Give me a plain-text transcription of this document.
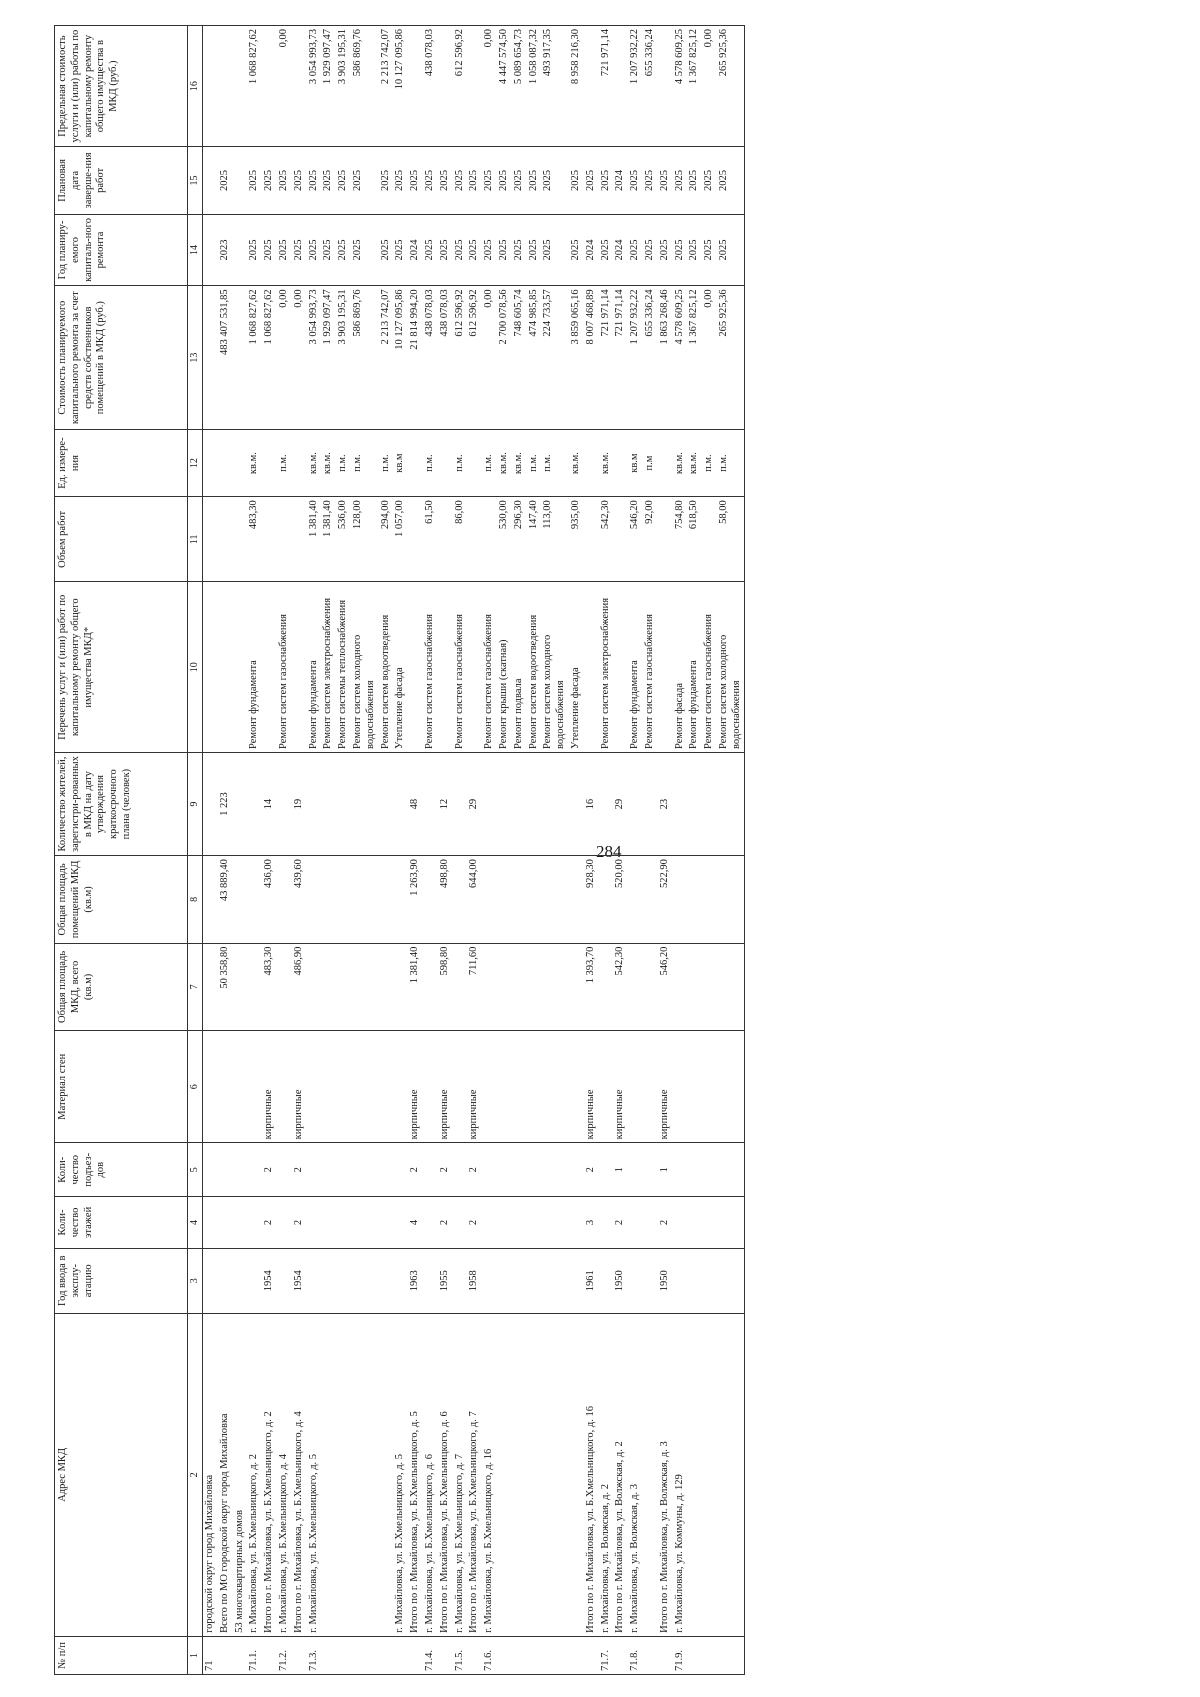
284
№ п/п	Адрес МКД	Год ввода в эксплу-атацию	Коли-чество этажей	Коли-чество подъез-дов	Материал стен	Общая площадь МКД, всего (кв.м)	Общая площадь помещений МКД (кв.м)	Количество жителей, зарегистри-рованных в МКД на дату утверждения краткосрочного плана (человек)	Перечень услуг и (или) работ по капитальному ремонту общего имущества МКД*	Объем работ	Ед. измере-ния	Стоимость планируемого капитального ремонта за счет средств собственников помещений в МКД (руб.)	Год планиру-емого капиталь-ного ремонта	Плановая дата заверше-ния работ	Предельная стоимость услуги и (или) работы по капитальному ремонту общего имущества в МКД (руб.)
1	2	3	4	5	6	7	8	9	10	11	12	13	14	15	16
71	городской округ город Михайловка														
	Всего по МО городской округ город Михайловка					50 358,80	43 889,40	1 223				483 407 531,85	2023	2025	
	53 многоквартирных домов														
71.1.	г. Михайловка, ул. Б.Хмельницкого, д. 2								Ремонт фундамента	483,30	кв.м.	1 068 827,62	2025	2025	1 068 827,62
	Итого по г. Михайловка, ул. Б.Хмельницкого, д. 2	1954	2	2	кирпичные	483,30	436,00	14				1 068 827,62	2025	2025	
71.2.	г. Михайловка, ул. Б.Хмельницкого, д. 4								Ремонт систем газоснабжения		п.м.	0,00	2025	2025	0,00
	Итого по г. Михайловка, ул. Б.Хмельницкого, д. 4	1954	2	2	кирпичные	486,90	439,60	19				0,00	2025	2025	
71.3.	г. Михайловка, ул. Б.Хмельницкого, д. 5								Ремонт фундамента	1 381,40	кв.м.	3 054 993,73	2025	2025	3 054 993,73
									Ремонт систем электроснабжения	1 381,40	кв.м.	1 929 097,47	2025	2025	1 929 097,47
									Ремонт системы теплоснабжения	536,00	п.м.	3 903 195,31	2025	2025	3 903 195,31
									Ремонт систем холодного водоснабжения	128,00	п.м.	586 869,76	2025	2025	586 869,76
									Ремонт систем водоотведения	294,00	п.м.	2 213 742,07	2025	2025	2 213 742,07
	г. Михайловка, ул. Б.Хмельницкого, д. 5								Утепление фасада	1 057,00	кв.м	10 127 095,86	2025	2025	10 127 095,86
	Итого по г. Михайловка, ул. Б.Хмельницкого, д. 5	1963	4	2	кирпичные	1 381,40	1 263,90	48				21 814 994,20	2024	2025	
71.4.	г. Михайловка, ул. Б.Хмельницкого, д. 6								Ремонт систем газоснабжения	61,50	п.м.	438 078,03	2025	2025	438 078,03
	Итого по г. Михайловка, ул. Б.Хмельницкого, д. 6	1955	2	2	кирпичные	598,80	498,80	12				438 078,03	2025	2025	
71.5.	г. Михайловка, ул. Б.Хмельницкого, д. 7								Ремонт систем газоснабжения	86,00	п.м.	612 596,92	2025	2025	612 596,92
	Итого по г. Михайловка, ул. Б.Хмельницкого, д. 7	1958	2	2	кирпичные	711,60	644,00	29				612 596,92	2025	2025	
71.6.	г. Михайловка, ул. Б.Хмельницкого, д. 16								Ремонт систем газоснабжения		п.м.	0,00	2025	2025	0,00
									Ремонт крыши (скатная)	530,00	кв.м.	2 700 078,56	2025	2025	4 447 574,50
									Ремонт подвала	296,30	кв.м.	748 605,74	2025	2025	5 089 654,73
									Ремонт систем водоотведения	147,40	п.м.	474 985,85	2025	2025	1 058 087,32
									Ремонт систем холодного водоснабжения	113,00	п.м.	224 733,57	2025	2025	493 917,35
									Утепление фасада	935,00	кв.м.	3 859 065,16	2025	2025	8 958 216,30
	Итого по г. Михайловка, ул. Б.Хмельницкого, д. 16	1961	3	2	кирпичные	1 393,70	928,30	16				8 007 468,89	2024	2025	
71.7.	г. Михайловка, ул. Волжская, д. 2								Ремонт систем электроснабжения	542,30	кв.м.	721 971,14	2025	2025	721 971,14
	Итого по г. Михайловка, ул. Волжская, д. 2	1950	2	1	кирпичные	542,30	520,00	29				721 971,14	2024	2024	
71.8.	г. Михайловка, ул. Волжская, д. 3								Ремонт фундамента	546,20	кв.м	1 207 932,22	2025	2025	1 207 932,22
									Ремонт систем газоснабжения	92,00	п.м	655 336,24	2025	2025	655 336,24
	Итого по г. Михайловка, ул. Волжская, д. 3	1950	2	1	кирпичные	546,20	522,90	23				1 863 268,46	2025	2025	
71.9.	г. Михайловка, ул. Коммуны, д. 129								Ремонт фасада	754,80	кв.м.	4 578 609,25	2025	2025	4 578 609,25
									Ремонт фундамента	618,50	кв.м.	1 367 825,12	2025	2025	1 367 825,12
									Ремонт систем газоснабжения		п.м.	0,00	2025	2025	0,00
									Ремонт систем холодного водоснабжения	58,00	п.м.	265 925,36	2025	2025	265 925,36
